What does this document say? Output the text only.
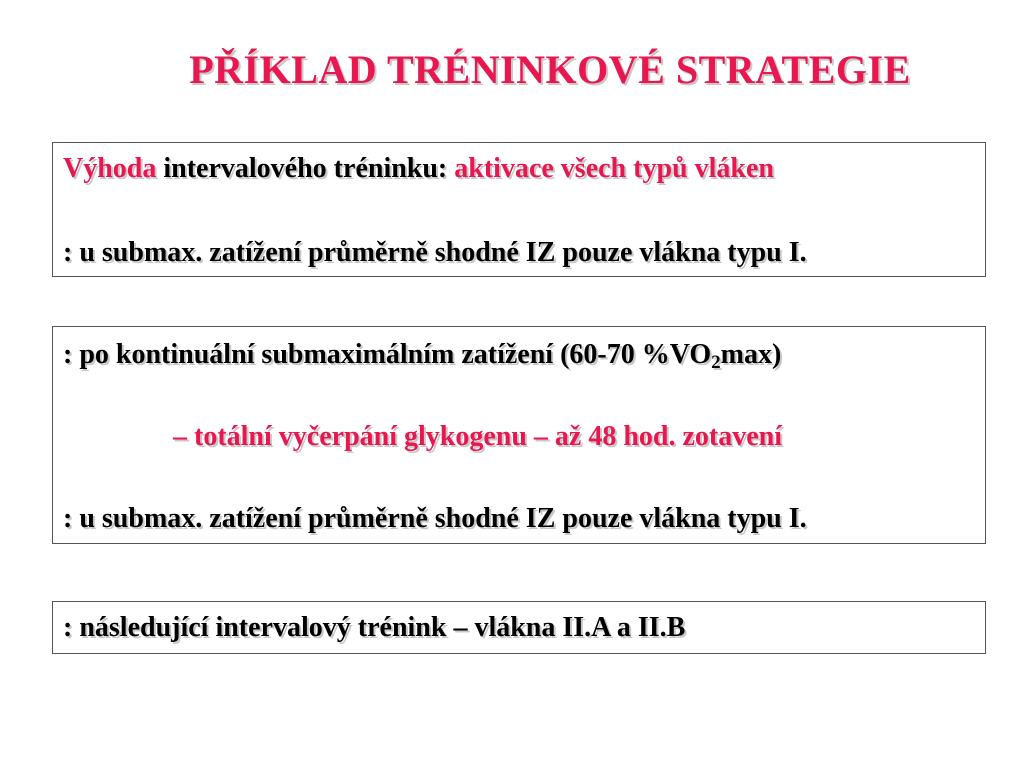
PŘÍKLAD TRÉNINKOVÉ STRATEGIE
Výhoda intervalového tréninku: aktivace všech typů vláken
: u submax. zatížení průměrně shodné IZ pouze vlákna typu I.
: po kontinuální submaximálním zatížení (60-70 $\%VO_2\max$)
– totální vyčerpání glykogenu – až 48 hod. zotavení
: u submax. zatížení průměrně shodné IZ pouze vlákna typu I.
: následující intervalový trénink – vlákna II.A a II.B
